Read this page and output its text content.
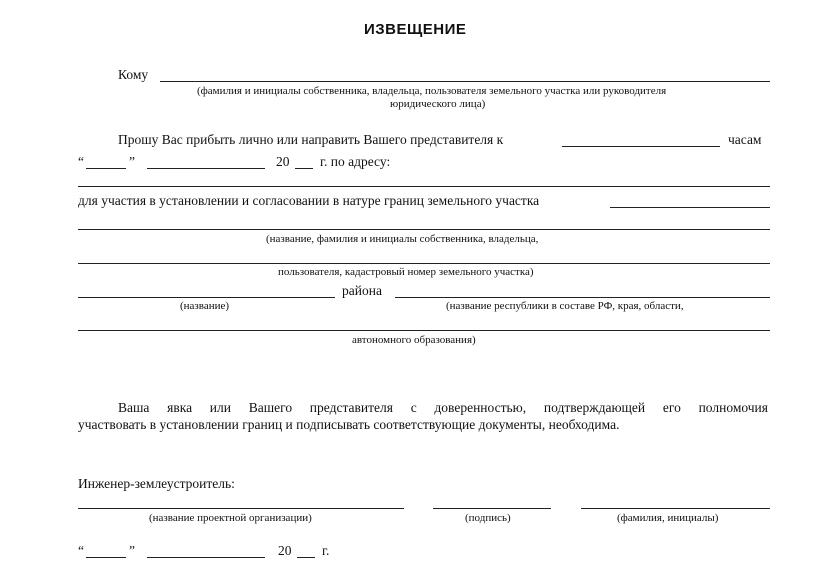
ИЗВЕЩЕНИЕ
Кому
(фамилия и инициалы собственника, владельца, пользователя земельного участка или руководителя
юридического лица)
Прошу Вас прибыть лично или направить Вашего представителя к	часам
“	”	20 г. по адресу:
для участия в установлении и согласовании в натуре границ земельного участка
(название, фамилия и инициалы собственника, владельца,
пользователя, кадастровый номер земельного участка)
района
(название)	(название республики в составе РФ, края, области,
автономного образования)
Ваша явка или Вашего представителя с доверенностью, подтверждающей его полномочия
участвовать в установлении границ и подписывать соответствующие документы, необходима.
Инженер-землеустроитель:
(название проектной организации)	(подпись)	(фамилия, инициалы)
“	”	20 г.
